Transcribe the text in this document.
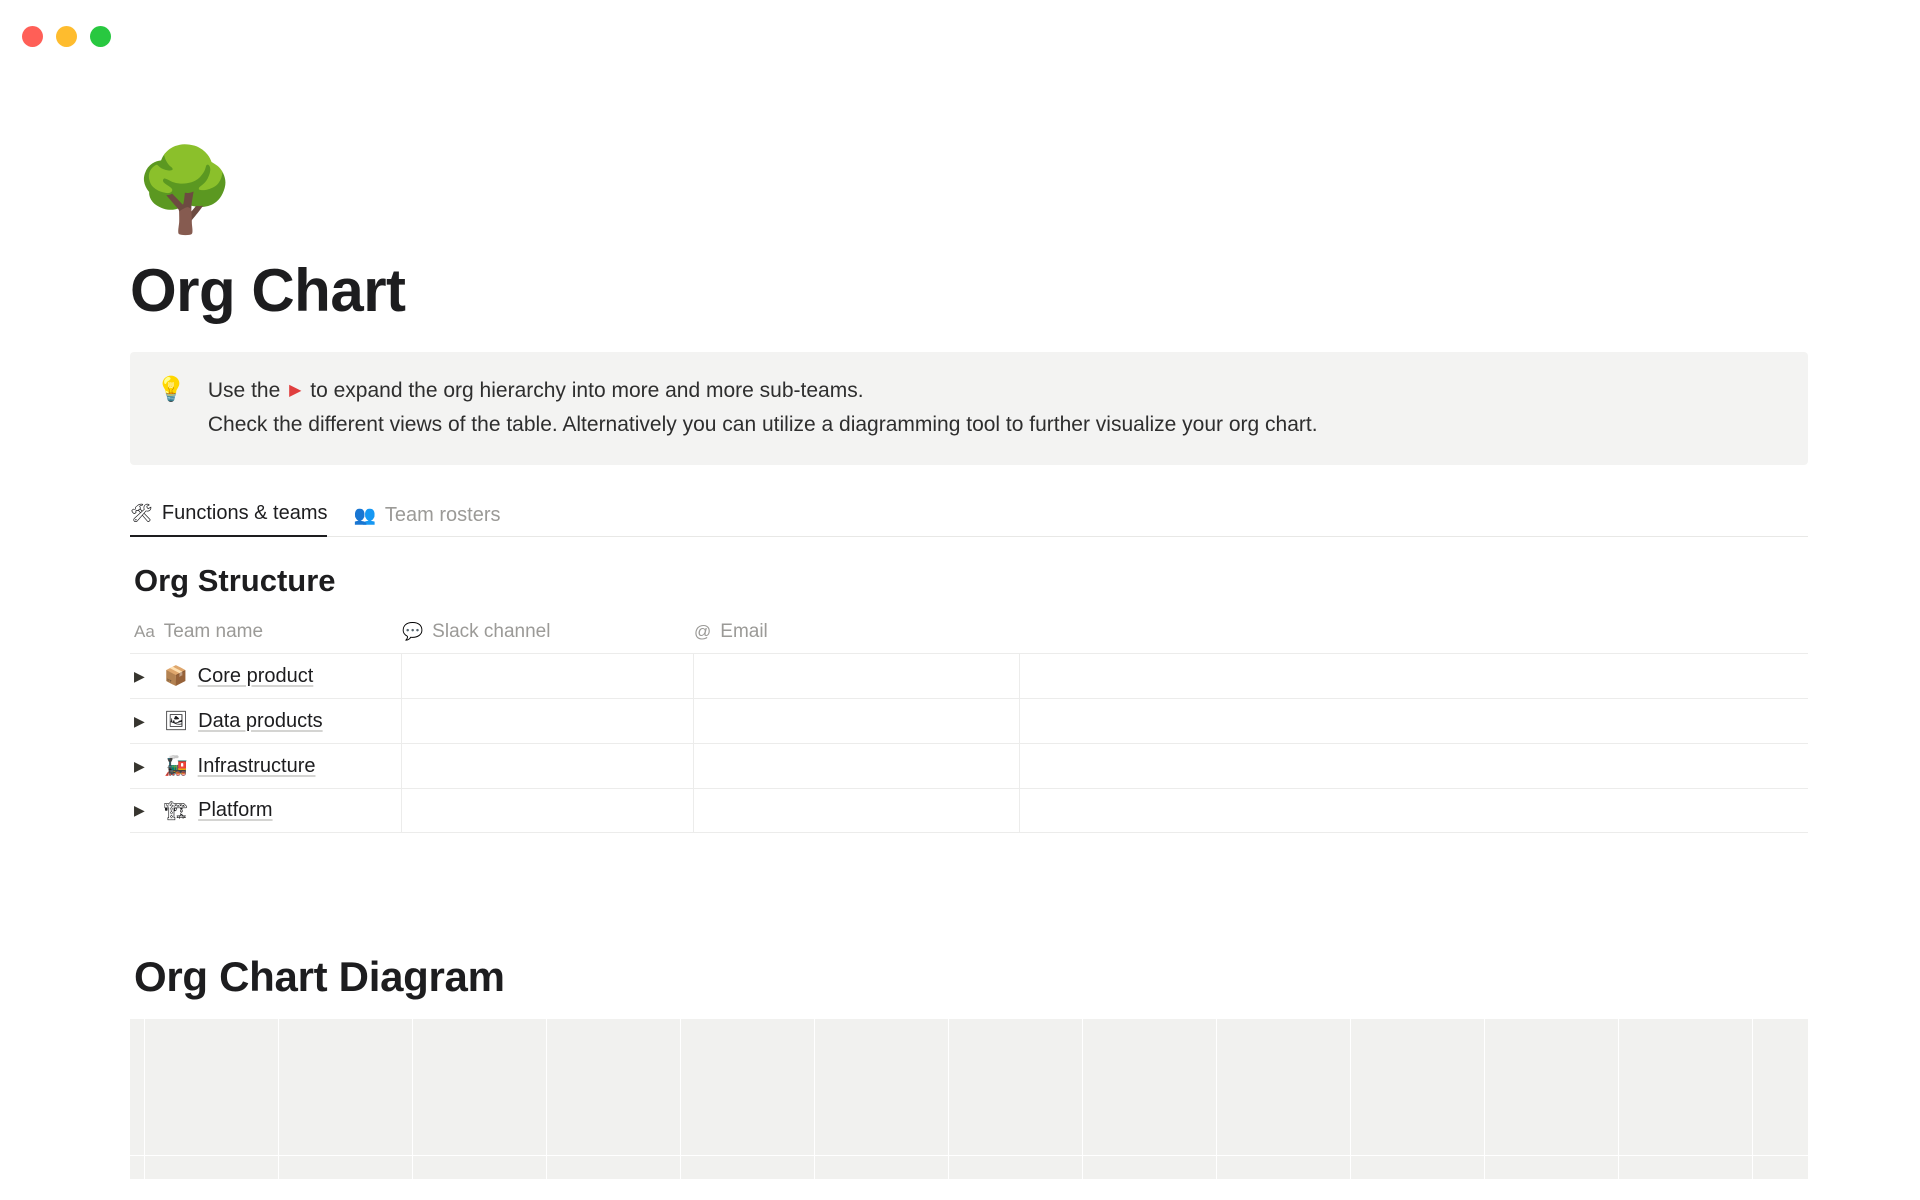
🌳
Org Chart
💡 Use the ▶ to expand the org hierarchy into more and more sub-teams.
Check the different views of the table. Alternatively you can utilize a diagramming tool to further visualize your org chart.
🛠 Functions & teams 👥 Team rosters
Org Structure
Aa Team name	💬 Slack channel	@ Email
▶	📦 Core product
▶	🖼 Data products
▶	🚂 Infrastructure
▶	🏗 Platform
Org Chart Diagram
